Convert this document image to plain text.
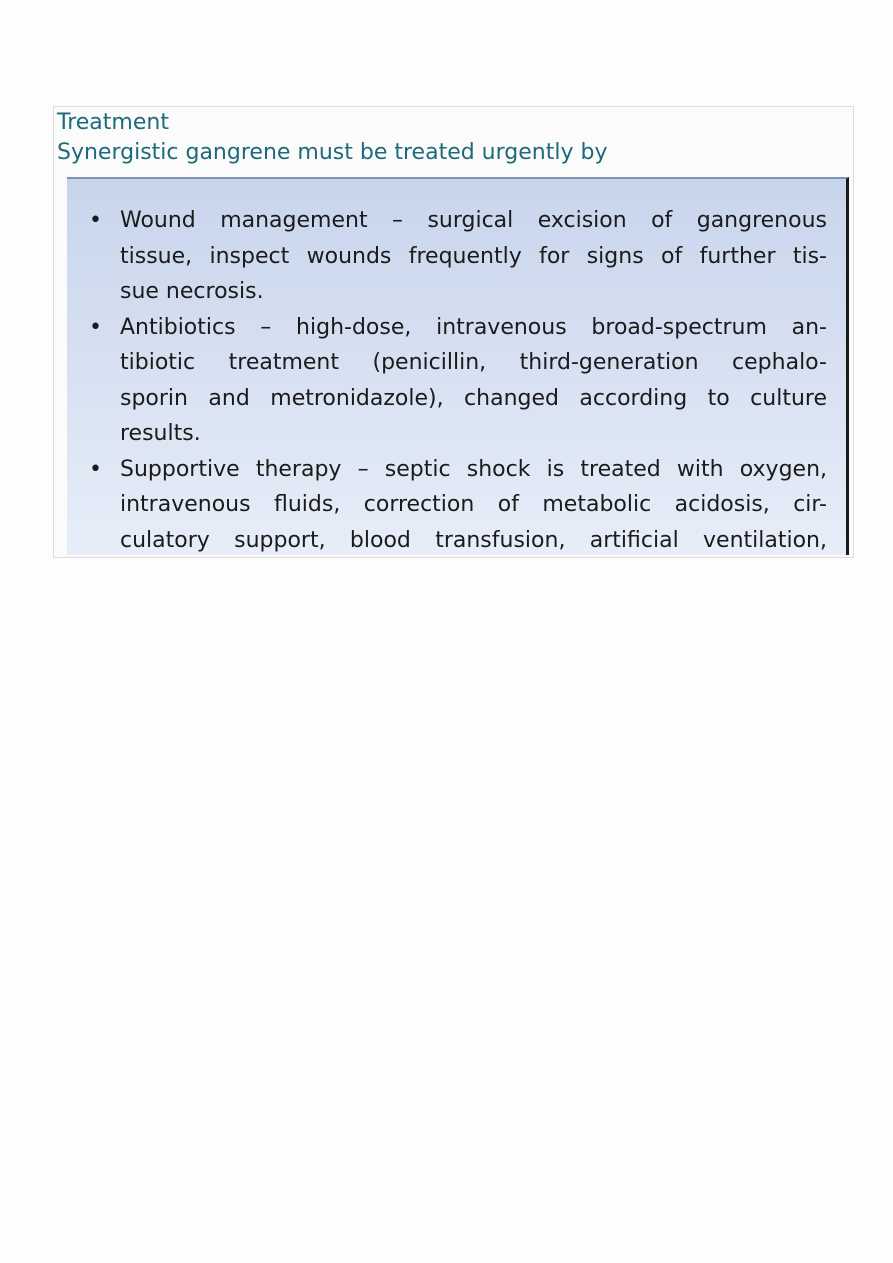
Treatment
Synergistic gangrene must be treated urgently by
• Wound management – surgical excision of gangrenous
tissue, inspect wounds frequently for signs of further tis-
sue necrosis.
• Antibiotics – high-dose, intravenous broad-spectrum an-
tibiotic treatment (penicillin, third-generation cephalo-
sporin and metronidazole), changed according to culture
results.
• Supportive therapy – septic shock is treated with oxygen,
intravenous fluids, correction of metabolic acidosis, cir-
culatory support, blood transfusion, artificial ventilation,
